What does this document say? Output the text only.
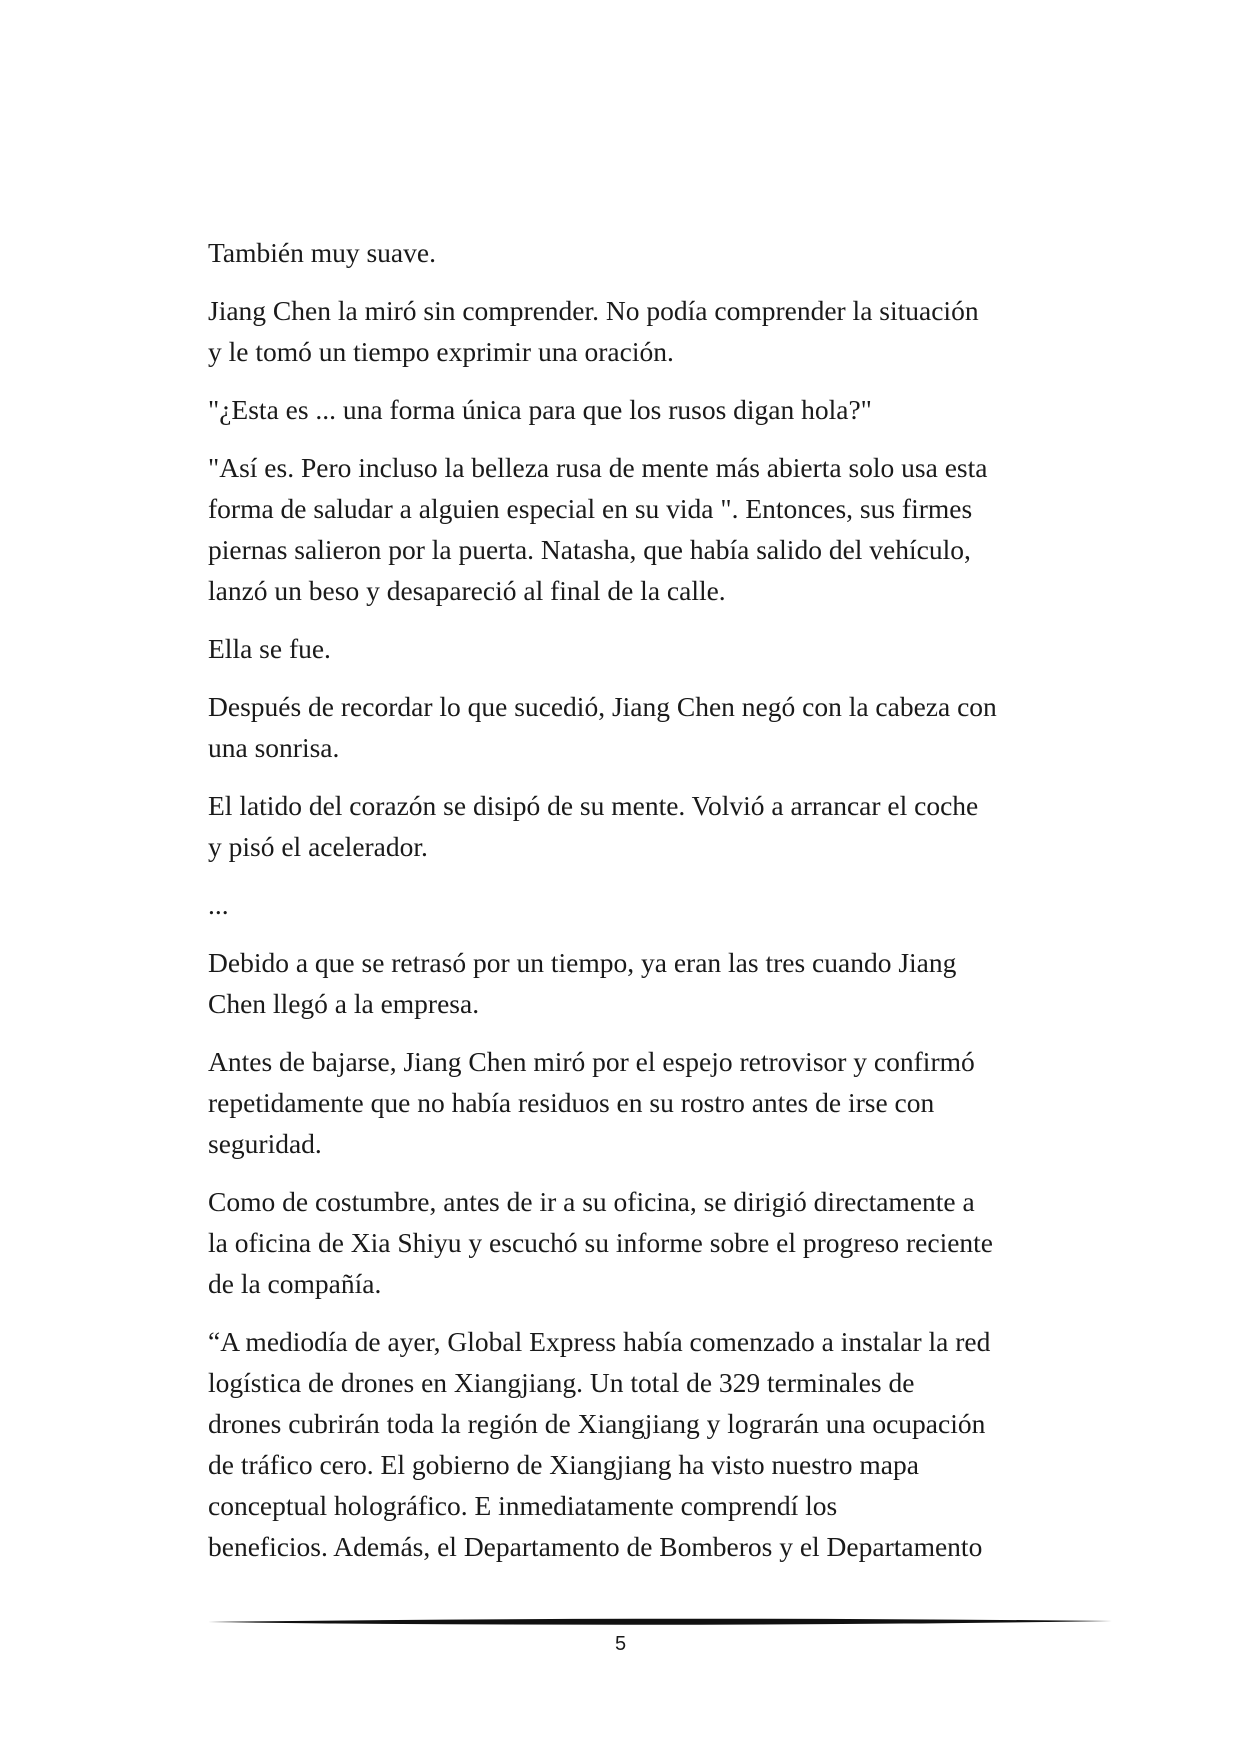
También muy suave.

Jiang Chen la miró sin comprender. No podía comprender la situación
y le tomó un tiempo exprimir una oración.

"¿Esta es ... una forma única para que los rusos digan hola?"

"Así es. Pero incluso la belleza rusa de mente más abierta solo usa esta
forma de saludar a alguien especial en su vida ". Entonces, sus firmes
piernas salieron por la puerta. Natasha, que había salido del vehículo,
lanzó un beso y desapareció al final de la calle.

Ella se fue.

Después de recordar lo que sucedió, Jiang Chen negó con la cabeza con
una sonrisa.

El latido del corazón se disipó de su mente. Volvió a arrancar el coche
y pisó el acelerador.

...

Debido a que se retrasó por un tiempo, ya eran las tres cuando Jiang
Chen llegó a la empresa.

Antes de bajarse, Jiang Chen miró por el espejo retrovisor y confirmó
repetidamente que no había residuos en su rostro antes de irse con
seguridad.

Como de costumbre, antes de ir a su oficina, se dirigió directamente a
la oficina de Xia Shiyu y escuchó su informe sobre el progreso reciente
de la compañía.

“A mediodía de ayer, Global Express había comenzado a instalar la red
logística de drones en Xiangjiang. Un total de 329 terminales de
drones cubrirán toda la región de Xiangjiang y lograrán una ocupación
de tráfico cero. El gobierno de Xiangjiang ha visto nuestro mapa
conceptual holográfico. E inmediatamente comprendí los
beneficios. Además, el Departamento de Bomberos y el Departamento

5
